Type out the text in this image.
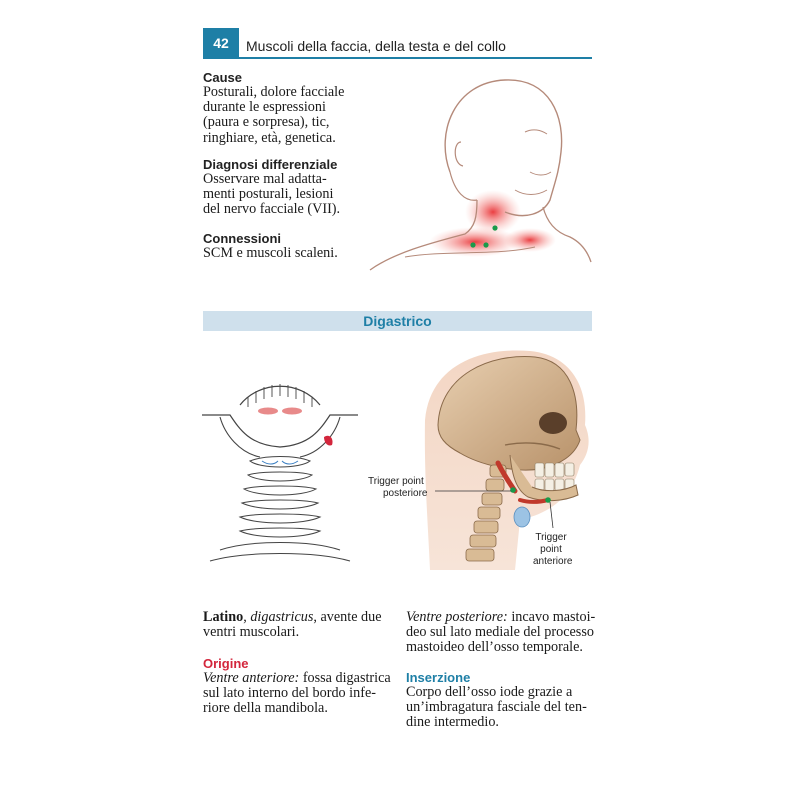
42 Muscoli della faccia, della testa e del collo
Cause

Posturali, dolore facciale

durante le espressioni

(paura e sorpresa), tic,

ringhiare, età, genetica.

Diagnosi differenziale

Osservare mal adatta-

menti posturali, lesioni

del nervo facciale (VII).

Connessioni

SCM e muscoli scaleni.

Digastrico
Trigger point
posteriore
Trigger
point
anteriore

Latino, digastricus, avente due

ventri muscolari.

Origine

Ventre anteriore: fossa digastrica

sul lato interno del bordo infe-

riore della mandibola.

Ventre posteriore: incavo mastoi-

deo sul lato mediale del processo

mastoideo dell’osso temporale.

Inserzione

Corpo dell’osso iode grazie a

un’imbragatura fasciale del ten-

dine intermedio.
